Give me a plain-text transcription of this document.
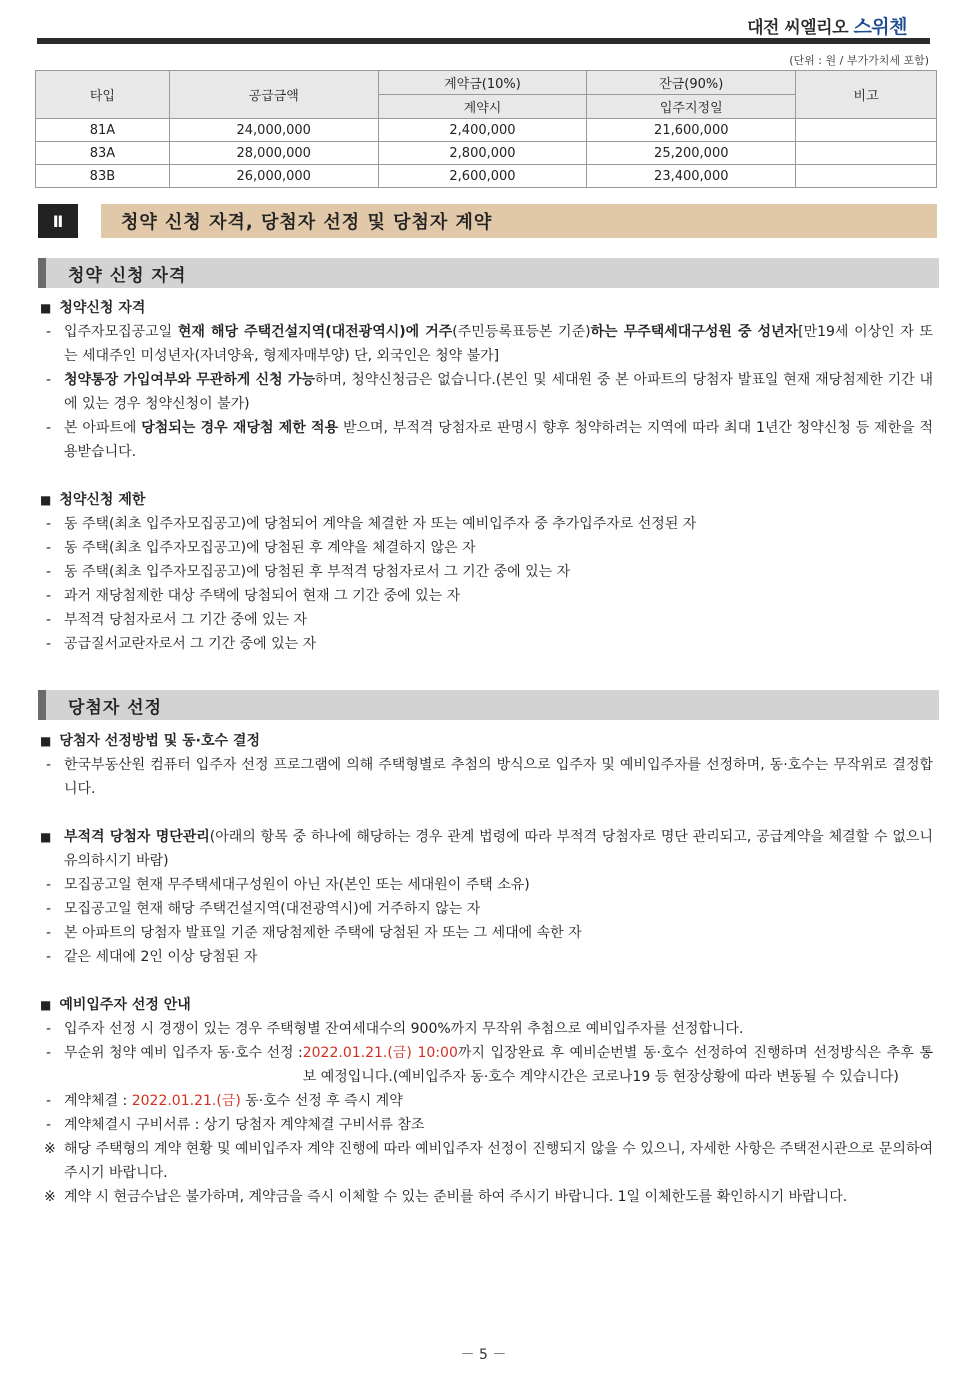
대전 씨엘리오 스위첸
(단위 : 원 / 부가가치세 포함)
타입	공급금액	계약금(10%)	잔금(90%)	비고
		계약시	입주지정일	
81A	24,000,000	2,400,000	21,600,000	
83A	28,000,000	2,800,000	25,200,000	
83B	26,000,000	2,600,000	23,400,000	
Ⅱ	청약 신청 자격, 당첨자 선정 및 당첨자 계약
청약 신청 자격
■ 청약신청 자격
- 입주자모집공고일 현재 해당 주택건설지역(대전광역시)에 거주(주민등록표등본 기준)하는 무주택세대구성원 중 성년자[만19세 이상인 자 또는 세대주인 미성년자(자녀양육, 형제자매부양) 단, 외국인은 청약 불가]
- 청약통장 가입여부와 무관하게 신청 가능하며, 청약신청금은 없습니다.(본인 및 세대원 중 본 아파트의 당첨자 발표일 현재 재당첨제한 기간 내에 있는 경우 청약신청이 불가)
- 본 아파트에 당첨되는 경우 재당첨 제한 적용 받으며, 부적격 당첨자로 판명시 향후 청약하려는 지역에 따라 최대 1년간 청약신청 등 제한을 적용받습니다.
■ 청약신청 제한
- 동 주택(최초 입주자모집공고)에 당첨되어 계약을 체결한 자 또는 예비입주자 중 추가입주자로 선정된 자
- 동 주택(최초 입주자모집공고)에 당첨된 후 계약을 체결하지 않은 자
- 동 주택(최초 입주자모집공고)에 당첨된 후 부적격 당첨자로서 그 기간 중에 있는 자
- 과거 재당첨제한 대상 주택에 당첨되어 현재 그 기간 중에 있는 자
- 부적격 당첨자로서 그 기간 중에 있는 자
- 공급질서교란자로서 그 기간 중에 있는 자
당첨자 선정
■ 당첨자 선정방법 및 동·호수 결정
- 한국부동산원 컴퓨터 입주자 선정 프로그램에 의해 주택형별로 추첨의 방식으로 입주자 및 예비입주자를 선정하며, 동·호수는 무작위로 결정합니다.
■ 부적격 당첨자 명단관리(아래의 항목 중 하나에 해당하는 경우 관계 법령에 따라 부적격 당첨자로 명단 관리되고, 공급계약을 체결할 수 없으니 유의하시기 바람)
- 모집공고일 현재 무주택세대구성원이 아닌 자(본인 또는 세대원이 주택 소유)
- 모집공고일 현재 해당 주택건설지역(대전광역시)에 거주하지 않는 자
- 본 아파트의 당첨자 발표일 기준 재당첨제한 주택에 당첨된 자 또는 그 세대에 속한 자
- 같은 세대에 2인 이상 당첨된 자
■ 예비입주자 선정 안내
- 입주자 선정 시 경쟁이 있는 경우 주택형별 잔여세대수의 900%까지 무작위 추첨으로 예비입주자를 선정합니다.
- 무순위 청약 예비 입주자 동·호수 선정 : 2022.01.21.(금) 10:00까지 입장완료 후 예비순번별 동·호수 선정하여 진행하며 선정방식은 추후 통보 예정입니다.(예비입주자 동·호수 계약시간은 코로나19 등 현장상황에 따라 변동될 수 있습니다)
- 계약체결 : 2022.01.21.(금) 동·호수 선정 후 즉시 계약
- 계약체결시 구비서류 : 상기 당첨자 계약체결 구비서류 참조
※ 해당 주택형의 계약 현황 및 예비입주자 계약 진행에 따라 예비입주자 선정이 진행되지 않을 수 있으니, 자세한 사항은 주택전시관으로 문의하여 주시기 바랍니다.
※ 계약 시 현금수납은 불가하며, 계약금을 즉시 이체할 수 있는 준비를 하여 주시기 바랍니다. 1일 이체한도를 확인하시기 바랍니다.
－ 5 －
